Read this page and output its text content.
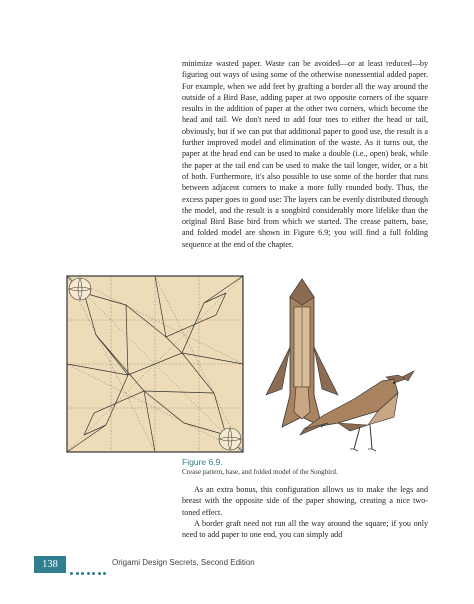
minimize wasted paper. Waste can be avoided—or at least reduced—by figuring out ways of using some of the otherwise nonessential added paper. For example, when we add feet by grafting a border all the way around the outside of a Bird Base, adding paper at two opposite corners of the square results in the addition of paper at the other two corners, which become the head and tail. We don't need to add four toes to either the head or tail, obviously, but if we can put that additional paper to good use, the result is a further improved model and elimination of the waste. As it turns out, the paper at the head end can be used to make a double (i.e., open) beak, while the paper at the tail end can be used to make the tail longer, wider, or a bit of both. Furthermore, it's also possible to use some of the border that runs between adjacent corners to make a more fully rounded body. Thus, the excess paper goes to good use: The layers can be evenly distributed through the model, and the result is a songbird considerably more lifelike than the original Bird Base bird from which we started. The crease pattern, base, and folded model are shown in Figure 6.9; you will find a full folding sequence at the end of the chapter.

Figure 6.9.
Crease pattern, base, and folded model of the Songbird.

As an extra bonus, this configuration allows us to make the legs and breast with the opposite side of the paper showing, creating a nice two-toned effect.

A border graft need not run all the way around the square; if you only need to add paper to one end, you can simply add

138	Origami Design Secrets, Second Edition
